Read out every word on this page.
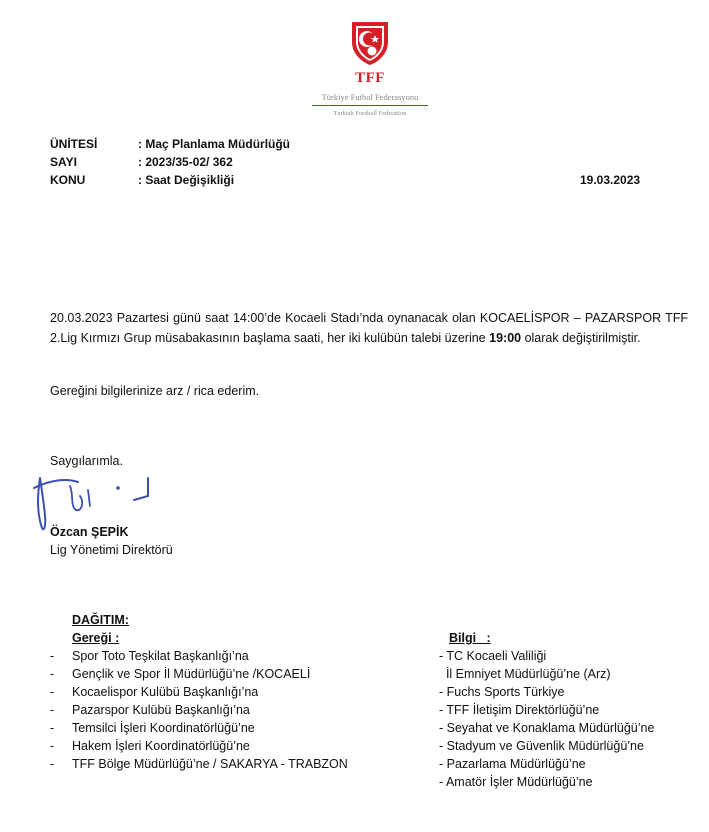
TFF
Türkiye Futbol Federasyonu
Turkish Football Federation
ÜNİTESİ	: Maç Planlama Müdürlüğü
SAYI	: 2023/35-02/ 362
KONU	: Saat Değişikliği	19.03.2023
20.03.2023 Pazartesi günü saat 14:00’de Kocaeli Stadı’nda oynanacak olan KOCAELİSPOR – PAZARSPOR TFF 2.Lig Kırmızı Grup müsabakasının başlama saati, her iki kulübün talebi üzerine 19:00 olarak değiştirilmiştir.
Gereğini bilgilerinize arz / rica ederim.
Saygılarımla.
Özcan ŞEPİK
Lig Yönetimi Direktörü
DAĞITIM:
Gereği :	Bilgi   :
- Spor Toto Teşkilat Başkanlığı’na
- Gençlik ve Spor İl Müdürlüğü’ne /KOCAELİ
- Kocaelispor Kulübü Başkanlığı’na
- Pazarspor Kulübü Başkanlığı’na
- Temsilci İşleri Koordinatörlüğü’ne
- Hakem İşleri Koordinatörlüğü’ne
- TFF Bölge Müdürlüğü’ne / SAKARYA - TRABZON
- TC Kocaeli Valiliği
İl Emniyet Müdürlüğü’ne (Arz)
- Fuchs Sports Türkiye
- TFF İletişim Direktörlüğü’ne
- Seyahat ve Konaklama Müdürlüğü’ne
- Stadyum ve Güvenlik Müdürlüğü’ne
- Pazarlama Müdürlüğü’ne
- Amatör İşler Müdürlüğü’ne
